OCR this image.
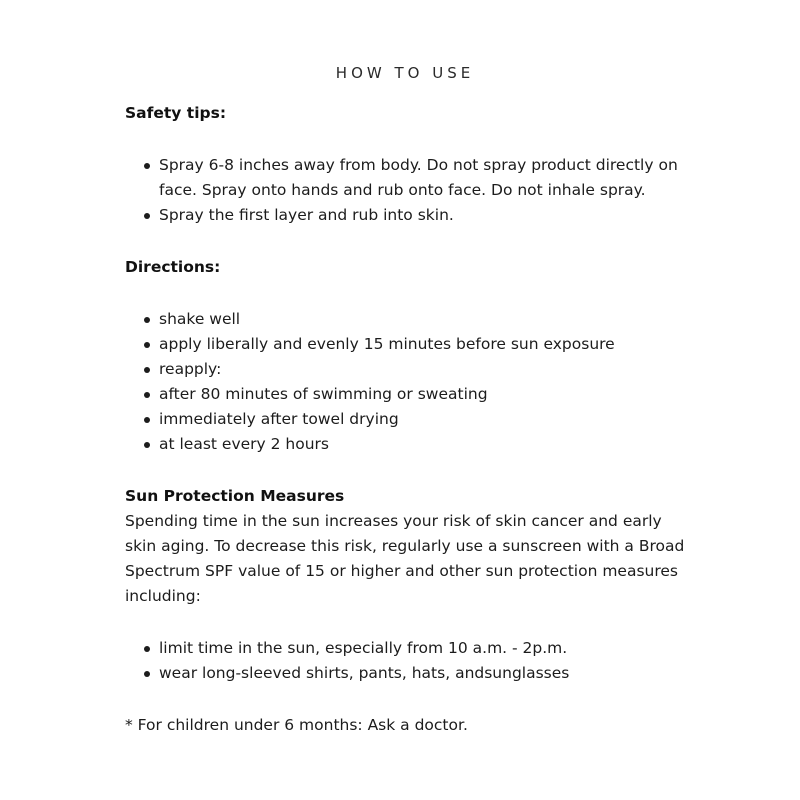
HOW TO USE

Safety tips:

Spray 6-8 inches away from body. Do not spray product directly on face. Spray onto hands and rub onto face. Do not inhale spray.
Spray the first layer and rub into skin.

Directions:

shake well
apply liberally and evenly 15 minutes before sun exposure
reapply:
after 80 minutes of swimming or sweating
immediately after towel drying
at least every 2 hours

Sun Protection Measures

Spending time in the sun increases your risk of skin cancer and early skin aging. To decrease this risk, regularly use a sunscreen with a Broad Spectrum SPF value of 15 or higher and other sun protection measures including:

limit time in the sun, especially from 10 a.m. - 2p.m.
wear long-sleeved shirts, pants, hats, andsunglasses

* For children under 6 months: Ask a doctor.
